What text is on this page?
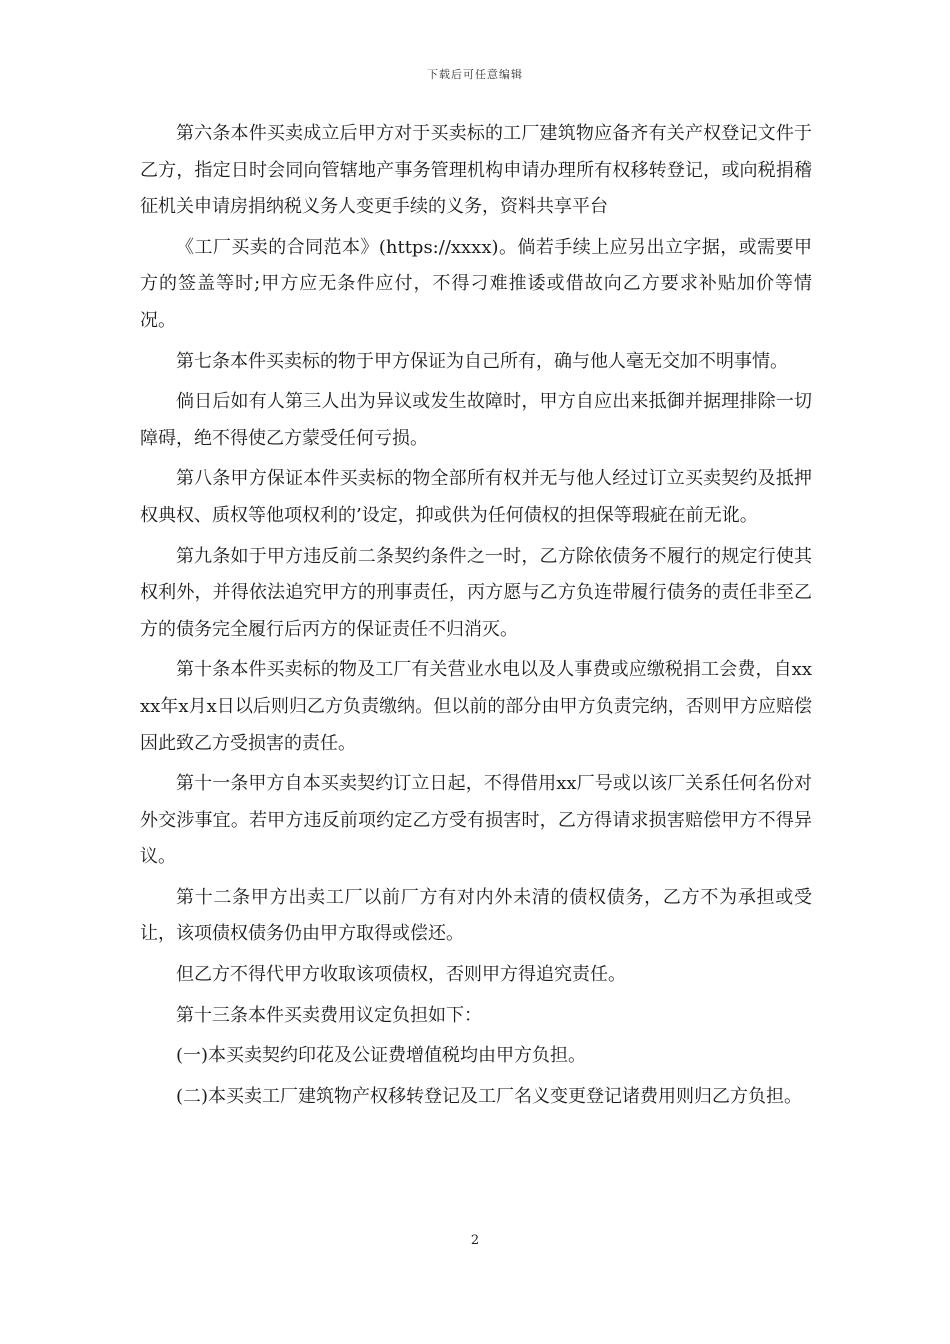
下载后可任意编辑

第六条本件买卖成立后甲方对于买卖标的工厂建筑物应备齐有关产权登记文件于乙方，指定日时会同向管辖地产事务管理机构申请办理所有权移转登记，或向税捐稽征机关申请房捐纳税义务人变更手续的义务，资料共享平台

《工厂买卖的合同范本》(https://xxxx)。倘若手续上应另出立字据，或需要甲方的签盖等时;甲方应无条件应付，不得刁难推诿或借故向乙方要求补贴加价等情况。

第七条本件买卖标的物于甲方保证为自己所有，确与他人毫无交加不明事情。

倘日后如有人第三人出为异议或发生故障时，甲方自应出来抵御并据理排除一切障碍，绝不得使乙方蒙受任何亏损。

第八条甲方保证本件买卖标的物全部所有权并无与他人经过订立买卖契约及抵押权典权、质权等他项权利的’设定，抑或供为任何债权的担保等瑕疵在前无讹。

第九条如于甲方违反前二条契约条件之一时，乙方除依债务不履行的规定行使其权利外，并得依法追究甲方的刑事责任，丙方愿与乙方负连带履行债务的责任非至乙方的债务完全履行后丙方的保证责任不归消灭。

第十条本件买卖标的物及工厂有关营业水电以及人事费或应缴税捐工会费，自xxxx年x月x日以后则归乙方负责缴纳。但以前的部分由甲方负责完纳，否则甲方应赔偿因此致乙方受损害的责任。

第十一条甲方自本买卖契约订立日起，不得借用xx厂号或以该厂关系任何名份对外交涉事宜。若甲方违反前项约定乙方受有损害时，乙方得请求损害赔偿甲方不得异议。

第十二条甲方出卖工厂以前厂方有对内外未清的债权债务，乙方不为承担或受让，该项债权债务仍由甲方取得或偿还。

但乙方不得代甲方收取该项债权，否则甲方得追究责任。

第十三条本件买卖费用议定负担如下：

(一)本买卖契约印花及公证费增值税均由甲方负担。

(二)本买卖工厂建筑物产权移转登记及工厂名义变更登记诸费用则归乙方负担。

2
